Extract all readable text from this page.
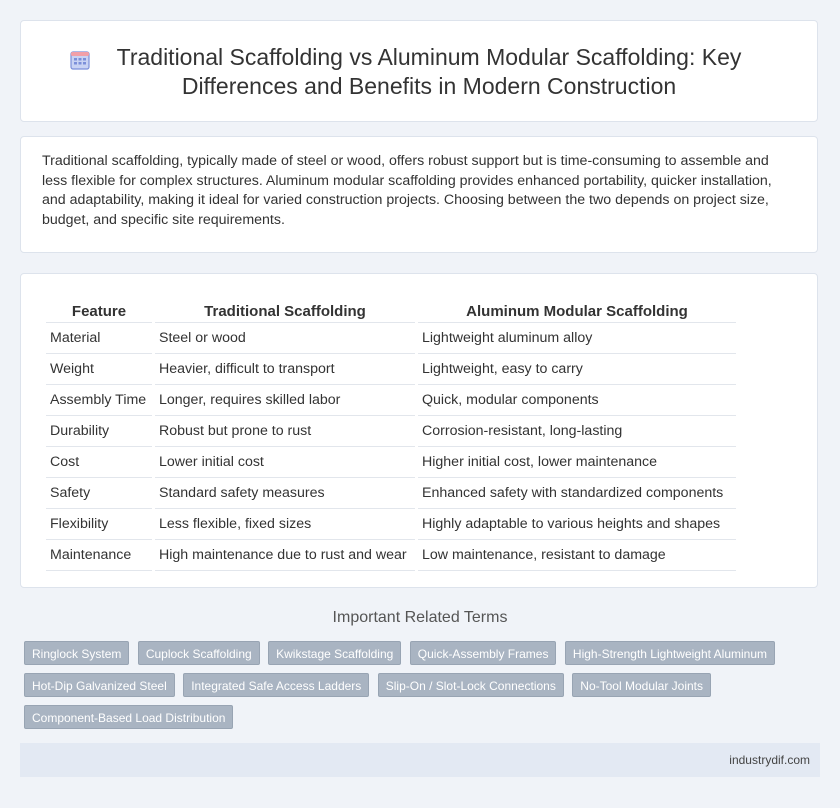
Traditional Scaffolding vs Aluminum Modular Scaffolding: Key Differences and Benefits in Modern Construction

Traditional scaffolding, typically made of steel or wood, offers robust support but is time-consuming to assemble and less flexible for complex structures. Aluminum modular scaffolding provides enhanced portability, quicker installation, and adaptability, making it ideal for varied construction projects. Choosing between the two depends on project size, budget, and specific site requirements.

Feature	Traditional Scaffolding	Aluminum Modular Scaffolding
Material	Steel or wood	Lightweight aluminum alloy
Weight	Heavier, difficult to transport	Lightweight, easy to carry
Assembly Time	Longer, requires skilled labor	Quick, modular components
Durability	Robust but prone to rust	Corrosion-resistant, long-lasting
Cost	Lower initial cost	Higher initial cost, lower maintenance
Safety	Standard safety measures	Enhanced safety with standardized components
Flexibility	Less flexible, fixed sizes	Highly adaptable to various heights and shapes
Maintenance	High maintenance due to rust and wear	Low maintenance, resistant to damage
Important Related Terms
Ringlock System Cuplock Scaffolding Kwikstage Scaffolding Quick-Assembly Frames High-Strength Lightweight Aluminum Hot-Dip Galvanized Steel Integrated Safe Access Ladders Slip-On / Slot-Lock Connections No-Tool Modular Joints Component-Based Load Distribution
industrydif.com
